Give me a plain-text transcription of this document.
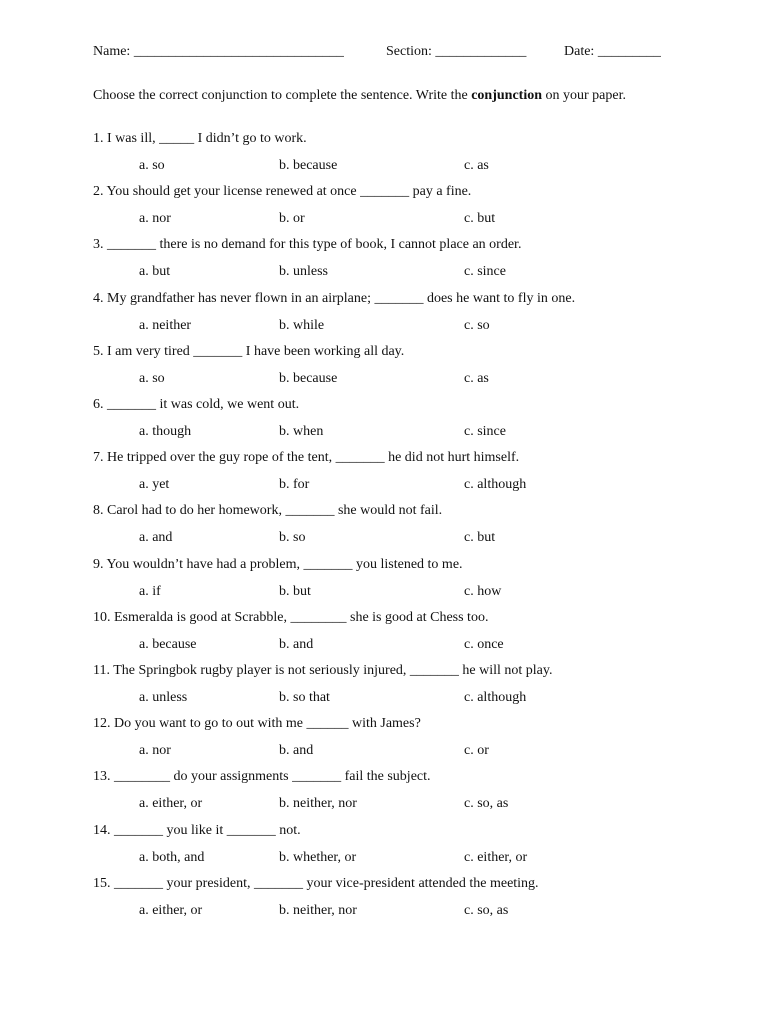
Name: ______________________________	Section: _____________	Date: _________
Choose the correct conjunction to complete the sentence. Write the conjunction on your paper.
1. I was ill, _____ I didn’t go to work.
a. so	b. because	c. as
2. You should get your license renewed at once _______ pay a fine.
a. nor	b. or	c. but
3. _______ there is no demand for this type of book, I cannot place an order.
a. but	b. unless	c. since
4. My grandfather has never flown in an airplane; _______ does he want to fly in one.
a. neither	b. while	c. so
5. I am very tired _______ I have been working all day.
a. so	b. because	c. as
6. _______ it was cold, we went out.
a. though	b. when	c. since
7. He tripped over the guy rope of the tent, _______ he did not hurt himself.
a. yet	b. for	c. although
8. Carol had to do her homework, _______ she would not fail.
a. and	b. so	c. but
9. You wouldn’t have had a problem, _______ you listened to me.
a. if	b. but	c. how
10. Esmeralda is good at Scrabble, ________ she is good at Chess too.
a. because	b. and	c. once
11. The Springbok rugby player is not seriously injured, _______ he will not play.
a. unless	b. so that	c. although
12. Do you want to go to out with me ______ with James?
a. nor	b. and	c. or
13. ________ do your assignments _______ fail the subject.
a. either, or	b. neither, nor	c. so, as
14. _______ you like it _______ not.
a. both, and	b. whether, or	c. either, or
15. _______ your president, _______ your vice-president attended the meeting.
a. either, or	b. neither, nor	c. so, as
